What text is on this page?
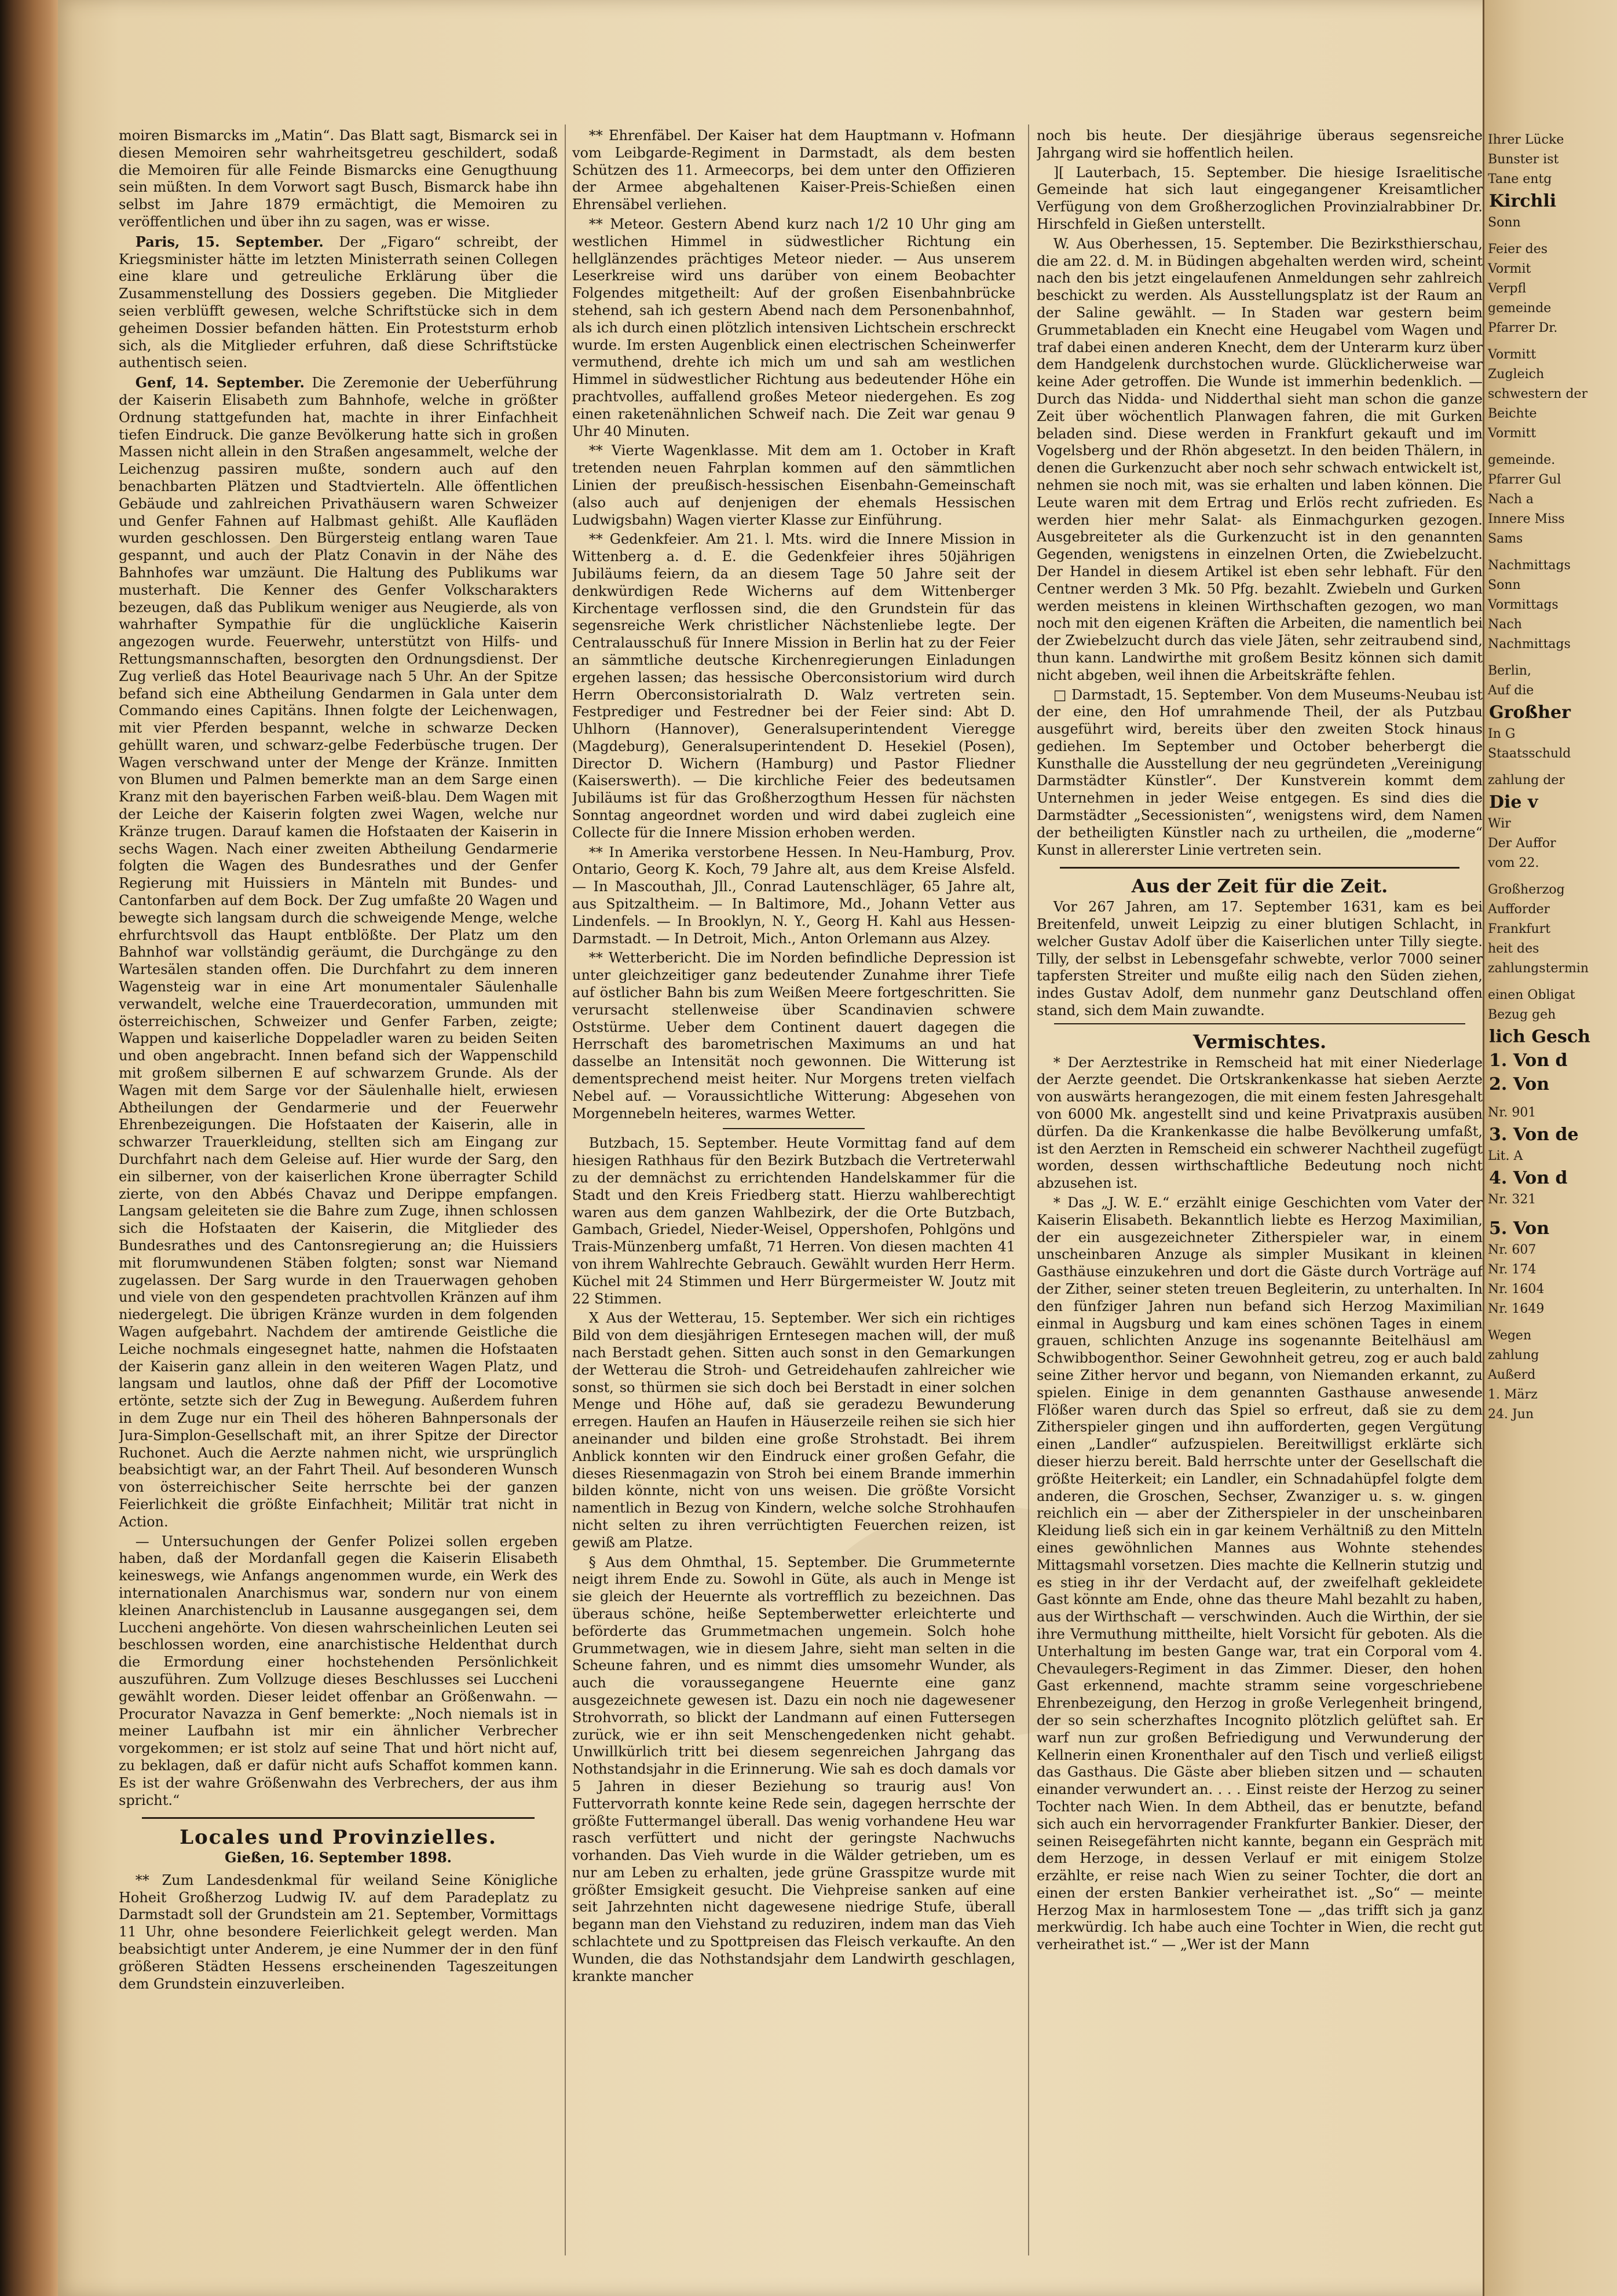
moiren Bismarcks im „Matin“. Das Blatt sagt, Bismarck sei in diesen Memoiren sehr wahrheitsgetreu geschildert, sodaß die Memoiren für alle Feinde Bismarcks eine Genugthuung sein müßten. In dem Vorwort sagt Busch, Bismarck habe ihn selbst im Jahre 1879 ermächtigt, die Memoiren zu veröffentlichen und über ihn zu sagen, was er wisse.

Paris, 15. September. Der „Figaro“ schreibt, der Kriegsminister hätte im letzten Ministerrath seinen Collegen eine klare und getreuliche Erklärung über die Zusammenstellung des Dossiers gegeben. Die Mitglieder seien verblüfft gewesen, welche Schriftstücke sich in dem geheimen Dossier befanden hätten. Ein Proteststurm erhob sich, als die Mitglieder erfuhren, daß diese Schriftstücke authentisch seien.

Genf, 14. September. Die Zeremonie der Ueberführung der Kaiserin Elisabeth zum Bahnhofe, welche in größter Ordnung stattgefunden hat, machte in ihrer Einfachheit tiefen Eindruck. Die ganze Bevölkerung hatte sich in großen Massen nicht allein in den Straßen angesammelt, welche der Leichenzug passiren mußte, sondern auch auf den benachbarten Plätzen und Stadtvierteln. Alle öffentlichen Gebäude und zahlreichen Privathäusern waren Schweizer und Genfer Fahnen auf Halbmast gehißt. Alle Kaufläden wurden geschlossen. Den Bürgersteig entlang waren Taue gespannt, und auch der Platz Conavin in der Nähe des Bahnhofes war umzäunt. Die Haltung des Publikums war musterhaft. Die Kenner des Genfer Volkscharakters bezeugen, daß das Publikum weniger aus Neugierde, als von wahrhafter Sympathie für die unglückliche Kaiserin angezogen wurde. Feuerwehr, unterstützt von Hilfs- und Rettungsmannschaften, besorgten den Ordnungsdienst. Der Zug verließ das Hotel Beaurivage nach 5 Uhr. An der Spitze befand sich eine Abtheilung Gendarmen in Gala unter dem Commando eines Capitäns. Ihnen folgte der Leichenwagen, mit vier Pferden bespannt, welche in schwarze Decken gehüllt waren, und schwarz-gelbe Federbüsche trugen. Der Wagen verschwand unter der Menge der Kränze. Inmitten von Blumen und Palmen bemerkte man an dem Sarge einen Kranz mit den bayerischen Farben weiß-blau. Dem Wagen mit der Leiche der Kaiserin folgten zwei Wagen, welche nur Kränze trugen. Darauf kamen die Hofstaaten der Kaiserin in sechs Wagen. Nach einer zweiten Abtheilung Gendarmerie folgten die Wagen des Bundesrathes und der Genfer Regierung mit Huissiers in Mänteln mit Bundes- und Cantonfarben auf dem Bock. Der Zug umfaßte 20 Wagen und bewegte sich langsam durch die schweigende Menge, welche ehrfurchtsvoll das Haupt entblößte. Der Platz um den Bahnhof war vollständig geräumt, die Durchgänge zu den Wartesälen standen offen. Die Durchfahrt zu dem inneren Wagensteig war in eine Art monumentaler Säulenhalle verwandelt, welche eine Trauerdecoration, ummunden mit österreichischen, Schweizer und Genfer Farben, zeigte; Wappen und kaiserliche Doppeladler waren zu beiden Seiten und oben angebracht. Innen befand sich der Wappenschild mit großem silbernen E auf schwarzem Grunde. Als der Wagen mit dem Sarge vor der Säulenhalle hielt, erwiesen Abtheilungen der Gendarmerie und der Feuerwehr Ehrenbezeigungen. Die Hofstaaten der Kaiserin, alle in schwarzer Trauerkleidung, stellten sich am Eingang zur Durchfahrt nach dem Geleise auf. Hier wurde der Sarg, den ein silberner, von der kaiserlichen Krone überragter Schild zierte, von den Abbés Chavaz und Derippe empfangen. Langsam geleiteten sie die Bahre zum Zuge, ihnen schlossen sich die Hofstaaten der Kaiserin, die Mitglieder des Bundesrathes und des Cantonsregierung an; die Huissiers mit florumwundenen Stäben folgten; sonst war Niemand zugelassen. Der Sarg wurde in den Trauerwagen gehoben und viele von den gespendeten prachtvollen Kränzen auf ihm niedergelegt. Die übrigen Kränze wurden in dem folgenden Wagen aufgebahrt. Nachdem der amtirende Geistliche die Leiche nochmals eingesegnet hatte, nahmen die Hofstaaten der Kaiserin ganz allein in den weiteren Wagen Platz, und langsam und lautlos, ohne daß der Pfiff der Locomotive ertönte, setzte sich der Zug in Bewegung. Außerdem fuhren in dem Zuge nur ein Theil des höheren Bahnpersonals der Jura-Simplon-Gesellschaft mit, an ihrer Spitze der Director Ruchonet. Auch die Aerzte nahmen nicht, wie ursprünglich beabsichtigt war, an der Fahrt Theil. Auf besonderen Wunsch von österreichischer Seite herrschte bei der ganzen Feierlichkeit die größte Einfachheit; Militär trat nicht in Action.

— Untersuchungen der Genfer Polizei sollen ergeben haben, daß der Mordanfall gegen die Kaiserin Elisabeth keineswegs, wie Anfangs angenommen wurde, ein Werk des internationalen Anarchismus war, sondern nur von einem kleinen Anarchistenclub in Lausanne ausgegangen sei, dem Luccheni angehörte. Von diesen wahrscheinlichen Leuten sei beschlossen worden, eine anarchistische Heldenthat durch die Ermordung einer hochstehenden Persönlichkeit auszuführen. Zum Vollzuge dieses Beschlusses sei Luccheni gewählt worden. Dieser leidet offenbar an Größenwahn. — Procurator Navazza in Genf bemerkte: „Noch niemals ist in meiner Laufbahn ist mir ein ähnlicher Verbrecher vorgekommen; er ist stolz auf seine That und hört nicht auf, zu beklagen, daß er dafür nicht aufs Schaffot kommen kann. Es ist der wahre Größenwahn des Verbrechers, der aus ihm spricht.“

Locales und Provinzielles.
Gießen, 16. September 1898.

** Zum Landesdenkmal für weiland Seine Königliche Hoheit Großherzog Ludwig IV. auf dem Paradeplatz zu Darmstadt soll der Grundstein am 21. September, Vormittags 11 Uhr, ohne besondere Feierlichkeit gelegt werden. Man beabsichtigt unter Anderem, je eine Nummer der in den fünf größeren Städten Hessens erscheinenden Tageszeitungen dem Grundstein einzuverleiben.

** Ehrenfäbel. Der Kaiser hat dem Hauptmann v. Hofmann vom Leibgarde-Regiment in Darmstadt, als dem besten Schützen des 11. Armeecorps, bei dem unter den Offizieren der Armee abgehaltenen Kaiser-Preis-Schießen einen Ehrensäbel verliehen.

** Meteor. Gestern Abend kurz nach 1/2 10 Uhr ging am westlichen Himmel in südwestlicher Richtung ein hellglänzendes prächtiges Meteor nieder. — Aus unserem Leserkreise wird uns darüber von einem Beobachter Folgendes mitgetheilt: Auf der großen Eisenbahnbrücke stehend, sah ich gestern Abend nach dem Personenbahnhof, als ich durch einen plötzlich intensiven Lichtschein erschreckt wurde. Im ersten Augenblick einen electrischen Scheinwerfer vermuthend, drehte ich mich um und sah am westlichen Himmel in südwestlicher Richtung aus bedeutender Höhe ein prachtvolles, auffallend großes Meteor niedergehen. Es zog einen raketenähnlichen Schweif nach. Die Zeit war genau 9 Uhr 40 Minuten.

** Vierte Wagenklasse. Mit dem am 1. October in Kraft tretenden neuen Fahrplan kommen auf den sämmtlichen Linien der preußisch-hessischen Eisenbahn-Gemeinschaft (also auch auf denjenigen der ehemals Hessischen Ludwigsbahn) Wagen vierter Klasse zur Einführung.

** Gedenkfeier. Am 21. l. Mts. wird die Innere Mission in Wittenberg a. d. E. die Gedenkfeier ihres 50jährigen Jubiläums feiern, da an diesem Tage 50 Jahre seit der denkwürdigen Rede Wicherns auf dem Wittenberger Kirchentage verflossen sind, die den Grundstein für das segensreiche Werk christlicher Nächstenliebe legte. Der Centralausschuß für Innere Mission in Berlin hat zu der Feier an sämmtliche deutsche Kirchenregierungen Einladungen ergehen lassen; das hessische Oberconsistorium wird durch Herrn Oberconsistorialrath D. Walz vertreten sein. Festprediger und Festredner bei der Feier sind: Abt D. Uhlhorn (Hannover), Generalsuperintendent Vieregge (Magdeburg), Generalsuperintendent D. Hesekiel (Posen), Director D. Wichern (Hamburg) und Pastor Fliedner (Kaiserswerth). — Die kirchliche Feier des bedeutsamen Jubiläums ist für das Großherzogthum Hessen für nächsten Sonntag angeordnet worden und wird dabei zugleich eine Collecte für die Innere Mission erhoben werden.

** In Amerika verstorbene Hessen. In Neu-Hamburg, Prov. Ontario, Georg K. Koch, 79 Jahre alt, aus dem Kreise Alsfeld. — In Mascouthah, Jll., Conrad Lautenschläger, 65 Jahre alt, aus Spitzaltheim. — In Baltimore, Md., Johann Vetter aus Lindenfels. — In Brooklyn, N. Y., Georg H. Kahl aus Hessen-Darmstadt. — In Detroit, Mich., Anton Orlemann aus Alzey.

** Wetterbericht. Die im Norden befindliche Depression ist unter gleichzeitiger ganz bedeutender Zunahme ihrer Tiefe auf östlicher Bahn bis zum Weißen Meere fortgeschritten. Sie verursacht stellenweise über Scandinavien schwere Oststürme. Ueber dem Continent dauert dagegen die Herrschaft des barometrischen Maximums an und hat dasselbe an Intensität noch gewonnen. Die Witterung ist dementsprechend meist heiter. Nur Morgens treten vielfach Nebel auf. — Voraussichtliche Witterung: Abgesehen von Morgennebeln heiteres, warmes Wetter.

Butzbach, 15. September. Heute Vormittag fand auf dem hiesigen Rathhaus für den Bezirk Butzbach die Vertreterwahl zu der demnächst zu errichtenden Handelskammer für die Stadt und den Kreis Friedberg statt. Hierzu wahlberechtigt waren aus dem ganzen Wahlbezirk, der die Orte Butzbach, Gambach, Griedel, Nieder-Weisel, Oppershofen, Pohlgöns und Trais-Münzenberg umfaßt, 71 Herren. Von diesen machten 41 von ihrem Wahlrechte Gebrauch. Gewählt wurden Herr Herm. Küchel mit 24 Stimmen und Herr Bürgermeister W. Joutz mit 22 Stimmen.

Ⅹ Aus der Wetterau, 15. September. Wer sich ein richtiges Bild von dem diesjährigen Erntesegen machen will, der muß nach Berstadt gehen. Sitten auch sonst in den Gemarkungen der Wetterau die Stroh- und Getreidehaufen zahlreicher wie sonst, so thürmen sie sich doch bei Berstadt in einer solchen Menge und Höhe auf, daß sie geradezu Bewunderung erregen. Haufen an Haufen in Häuserzeile reihen sie sich hier aneinander und bilden eine große Strohstadt. Bei ihrem Anblick konnten wir den Eindruck einer großen Gefahr, die dieses Riesenmagazin von Stroh bei einem Brande immerhin bilden könnte, nicht von uns weisen. Die größte Vorsicht namentlich in Bezug von Kindern, welche solche Strohhaufen nicht selten zu ihren verrüchtigten Feuerchen reizen, ist gewiß am Platze.

§ Aus dem Ohmthal, 15. September. Die Grummeternte neigt ihrem Ende zu. Sowohl in Güte, als auch in Menge ist sie gleich der Heuernte als vortrefflich zu bezeichnen. Das überaus schöne, heiße Septemberwetter erleichterte und beförderte das Grummetmachen ungemein. Solch hohe Grummetwagen, wie in diesem Jahre, sieht man selten in die Scheune fahren, und es nimmt dies umsomehr Wunder, als auch die voraussegangene Heuernte eine ganz ausgezeichnete gewesen ist. Dazu ein noch nie dagewesener Strohvorrath, so blickt der Landmann auf einen Futtersegen zurück, wie er ihn seit Menschengedenken nicht gehabt. Unwillkürlich tritt bei diesem segenreichen Jahrgang das Nothstandsjahr in die Erinnerung. Wie sah es doch damals vor 5 Jahren in dieser Beziehung so traurig aus! Von Futtervorrath konnte keine Rede sein, dagegen herrschte der größte Futtermangel überall. Das wenig vorhandene Heu war rasch verfüttert und nicht der geringste Nachwuchs vorhanden. Das Vieh wurde in die Wälder getrieben, um es nur am Leben zu erhalten, jede grüne Grasspitze wurde mit größter Emsigkeit gesucht. Die Viehpreise sanken auf eine seit Jahrzehnten nicht dagewesene niedrige Stufe, überall begann man den Viehstand zu reduziren, indem man das Vieh schlachtete und zu Spottpreisen das Fleisch verkaufte. An den Wunden, die das Nothstandsjahr dem Landwirth geschlagen, krankte mancher

noch bis heute. Der diesjährige überaus segensreiche Jahrgang wird sie hoffentlich heilen.

][ Lauterbach, 15. September. Die hiesige Israelitische Gemeinde hat sich laut eingegangener Kreisamtlicher Verfügung von dem Großherzoglichen Provinzialrabbiner Dr. Hirschfeld in Gießen unterstellt.

W. Aus Oberhessen, 15. September. Die Bezirksthierschau, die am 22. d. M. in Büdingen abgehalten werden wird, scheint nach den bis jetzt eingelaufenen Anmeldungen sehr zahlreich beschickt zu werden. Als Ausstellungsplatz ist der Raum an der Saline gewählt. — In Staden war gestern beim Grummetabladen ein Knecht eine Heugabel vom Wagen und traf dabei einen anderen Knecht, dem der Unterarm kurz über dem Handgelenk durchstochen wurde. Glücklicherweise war keine Ader getroffen. Die Wunde ist immerhin bedenklich. — Durch das Nidda- und Nidderthal sieht man schon die ganze Zeit über wöchentlich Planwagen fahren, die mit Gurken beladen sind. Diese werden in Frankfurt gekauft und im Vogelsberg und der Rhön abgesetzt. In den beiden Thälern, in denen die Gurkenzucht aber noch sehr schwach entwickelt ist, nehmen sie noch mit, was sie erhalten und laben können. Die Leute waren mit dem Ertrag und Erlös recht zufrieden. Es werden hier mehr Salat- als Einmachgurken gezogen. Ausgebreiteter als die Gurkenzucht ist in den genannten Gegenden, wenigstens in einzelnen Orten, die Zwiebelzucht. Der Handel in diesem Artikel ist eben sehr lebhaft. Für den Centner werden 3 Mk. 50 Pfg. bezahlt. Zwiebeln und Gurken werden meistens in kleinen Wirthschaften gezogen, wo man noch mit den eigenen Kräften die Arbeiten, die namentlich bei der Zwiebelzucht durch das viele Jäten, sehr zeitraubend sind, thun kann. Landwirthe mit großem Besitz können sich damit nicht abgeben, weil ihnen die Arbeitskräfte fehlen.

□ Darmstadt, 15. September. Von dem Museums-Neubau ist der eine, den Hof umrahmende Theil, der als Putzbau ausgeführt wird, bereits über den zweiten Stock hinaus gediehen. Im September und October beherbergt die Kunsthalle die Ausstellung der neu gegründeten „Vereinigung Darmstädter Künstler“. Der Kunstverein kommt dem Unternehmen in jeder Weise entgegen. Es sind dies die Darmstädter „Secessionisten“, wenigstens wird, dem Namen der betheiligten Künstler nach zu urtheilen, die „moderne“ Kunst in allererster Linie vertreten sein.

Aus der Zeit für die Zeit.

Vor 267 Jahren, am 17. September 1631, kam es bei Breitenfeld, unweit Leipzig zu einer blutigen Schlacht, in welcher Gustav Adolf über die Kaiserlichen unter Tilly siegte. Tilly, der selbst in Lebensgefahr schwebte, verlor 7000 seiner tapfersten Streiter und mußte eilig nach den Süden ziehen, indes Gustav Adolf, dem nunmehr ganz Deutschland offen stand, sich dem Main zuwandte.

Vermischtes.

* Der Aerztestrike in Remscheid hat mit einer Niederlage der Aerzte geendet. Die Ortskrankenkasse hat sieben Aerzte von auswärts herangezogen, die mit einem festen Jahresgehalt von 6000 Mk. angestellt sind und keine Privatpraxis ausüben dürfen. Da die Krankenkasse die halbe Bevölkerung umfaßt, ist den Aerzten in Remscheid ein schwerer Nachtheil zugefügt worden, dessen wirthschaftliche Bedeutung noch nicht abzusehen ist.

* Das „J. W. E.“ erzählt einige Geschichten vom Vater der Kaiserin Elisabeth. Bekanntlich liebte es Herzog Maximilian, der ein ausgezeichneter Zitherspieler war, in einem unscheinbaren Anzuge als simpler Musikant in kleinen Gasthäuse einzukehren und dort die Gäste durch Vorträge auf der Zither, seiner steten treuen Begleiterin, zu unterhalten. In den fünfziger Jahren nun befand sich Herzog Maximilian einmal in Augsburg und kam eines schönen Tages in einem grauen, schlichten Anzuge ins sogenannte Beitelhäusl am Schwibbogenthor. Seiner Gewohnheit getreu, zog er auch bald seine Zither hervor und begann, von Niemanden erkannt, zu spielen. Einige in dem genannten Gasthause anwesende Flößer waren durch das Spiel so erfreut, daß sie zu dem Zitherspieler gingen und ihn aufforderten, gegen Vergütung einen „Landler“ aufzuspielen. Bereitwilligst erklärte sich dieser hierzu bereit. Bald herrschte unter der Gesellschaft die größte Heiterkeit; ein Landler, ein Schnadahüpfel folgte dem anderen, die Groschen, Sechser, Zwanziger u. s. w. gingen reichlich ein — aber der Zitherspieler in der unscheinbaren Kleidung ließ sich ein in gar keinem Verhältniß zu den Mitteln eines gewöhnlichen Mannes aus Wohnte stehendes Mittagsmahl vorsetzen. Dies machte die Kellnerin stutzig und es stieg in ihr der Verdacht auf, der zweifelhaft gekleidete Gast könnte am Ende, ohne das theure Mahl bezahlt zu haben, aus der Wirthschaft — verschwinden. Auch die Wirthin, der sie ihre Vermuthung mittheilte, hielt Vorsicht für geboten. Als die Unterhaltung im besten Gange war, trat ein Corporal vom 4. Chevaulegers-Regiment in das Zimmer. Dieser, den hohen Gast erkennend, machte stramm seine vorgeschriebene Ehrenbezeigung, den Herzog in große Verlegenheit bringend, der so sein scherzhaftes Incognito plötzlich gelüftet sah. Er warf nun zur großen Befriedigung und Verwunderung der Kellnerin einen Kronenthaler auf den Tisch und verließ eiligst das Gasthaus. Die Gäste aber blieben sitzen und — schauten einander verwundert an. . . . Einst reiste der Herzog zu seiner Tochter nach Wien. In dem Abtheil, das er benutzte, befand sich auch ein hervorragender Frankfurter Bankier. Dieser, der seinen Reisegefährten nicht kannte, begann ein Gespräch mit dem Herzoge, in dessen Verlauf er mit einigem Stolze erzählte, er reise nach Wien zu seiner Tochter, die dort an einen der ersten Bankier verheirathet ist. „So“ — meinte Herzog Max in harmlosestem Tone — „das trifft sich ja ganz merkwürdig. Ich habe auch eine Tochter in Wien, die recht gut verheirathet ist.“ — „Wer ist der Mann

Ihrer Lücke
Bunster ist
Tane entg
Kirchli
Sonn
Feier des
Vormit
Verpfl
gemeinde
Pfarrer Dr.
Vormitt
Zugleich
schwestern der
Beichte
Vormitt
gemeinde.
Pfarrer Gul
Nach a
Innere Miss
Sams
Nachmittags
Sonn
Vormittags
Nach
Nachmittags
Berlin,
Auf die
Großher
In G
Staatsschuld
zahlung der
Die v
Wir
Der Auffor
vom 22.
Großherzog
Aufforder
Frankfurt
heit des
zahlungstermin
einen Obligat
Bezug geh
lich Gesch
1. Von d
2. Von
Nr. 901
3. Von de
Lit. A
4. Von d
Nr. 321
5. Von
Nr. 607
Nr. 174
Nr. 1604
Nr. 1649
Wegen
zahlung
Außerd
1. März
24. Jun
